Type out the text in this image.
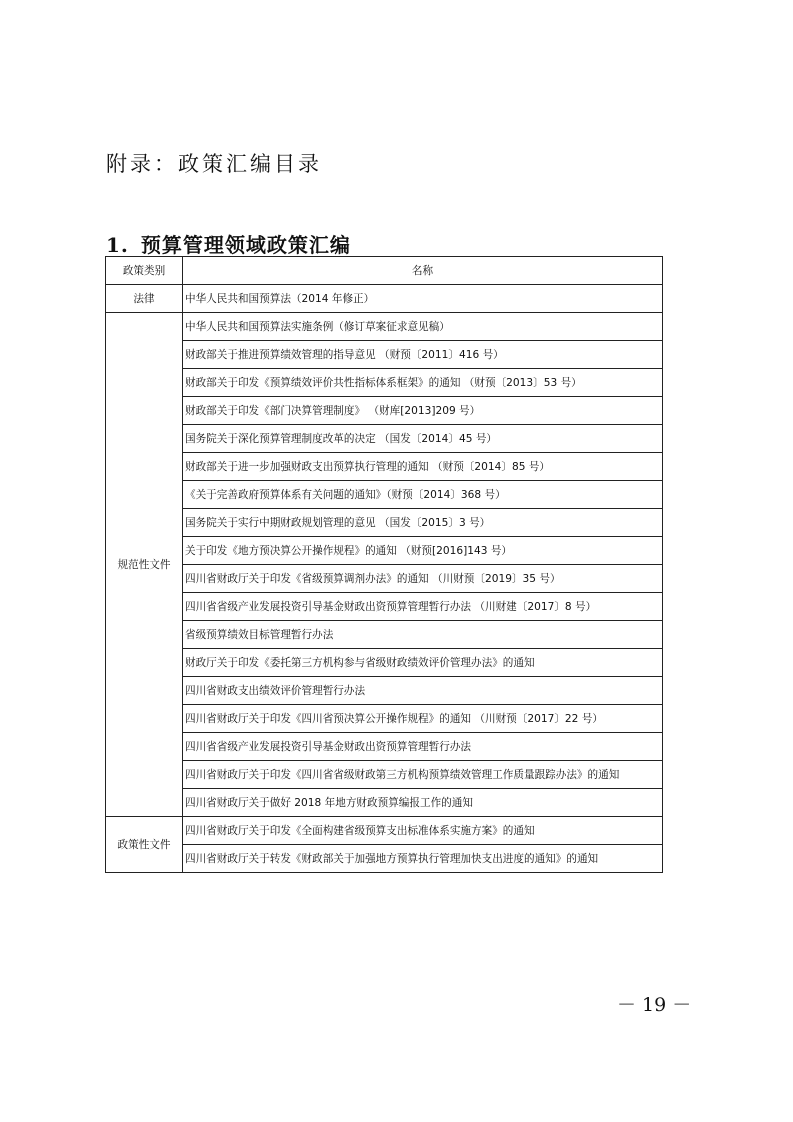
附录：政策汇编目录
1. 预算管理领域政策汇编
政策类别	名称
法律	中华人民共和国预算法（2014 年修正）
规范性文件	中华人民共和国预算法实施条例（修订草案征求意见稿）
	财政部关于推进预算绩效管理的指导意见 （财预〔2011〕416 号）
	财政部关于印发《预算绩效评价共性指标体系框架》的通知 （财预〔2013〕53 号）
	财政部关于印发《部门决算管理制度》 （财库[2013]209 号）
	国务院关于深化预算管理制度改革的决定 （国发〔2014〕45 号）
	财政部关于进一步加强财政支出预算执行管理的通知 （财预〔2014〕85 号）
	《关于完善政府预算体系有关问题的通知》（财预〔2014〕368 号）
	国务院关于实行中期财政规划管理的意见 （国发〔2015〕3 号）
	关于印发《地方预决算公开操作规程》的通知 （财预[2016]143 号）
	四川省财政厅关于印发《省级预算调剂办法》的通知 （川财预〔2019〕35 号）
	四川省省级产业发展投资引导基金财政出资预算管理暂行办法 （川财建〔2017〕8 号）
	省级预算绩效目标管理暂行办法
	财政厅关于印发《委托第三方机构参与省级财政绩效评价管理办法》的通知
	四川省财政支出绩效评价管理暂行办法
	四川省财政厅关于印发《四川省预决算公开操作规程》的通知 （川财预〔2017〕22 号）
	四川省省级产业发展投资引导基金财政出资预算管理暂行办法
	四川省财政厅关于印发《四川省省级财政第三方机构预算绩效管理工作质量跟踪办法》的通知
	四川省财政厅关于做好 2018 年地方财政预算编报工作的通知
政策性文件	四川省财政厅关于印发《全面构建省级预算支出标准体系实施方案》的通知
	四川省财政厅关于转发《财政部关于加强地方预算执行管理加快支出进度的通知》的通知
－ 19 －
